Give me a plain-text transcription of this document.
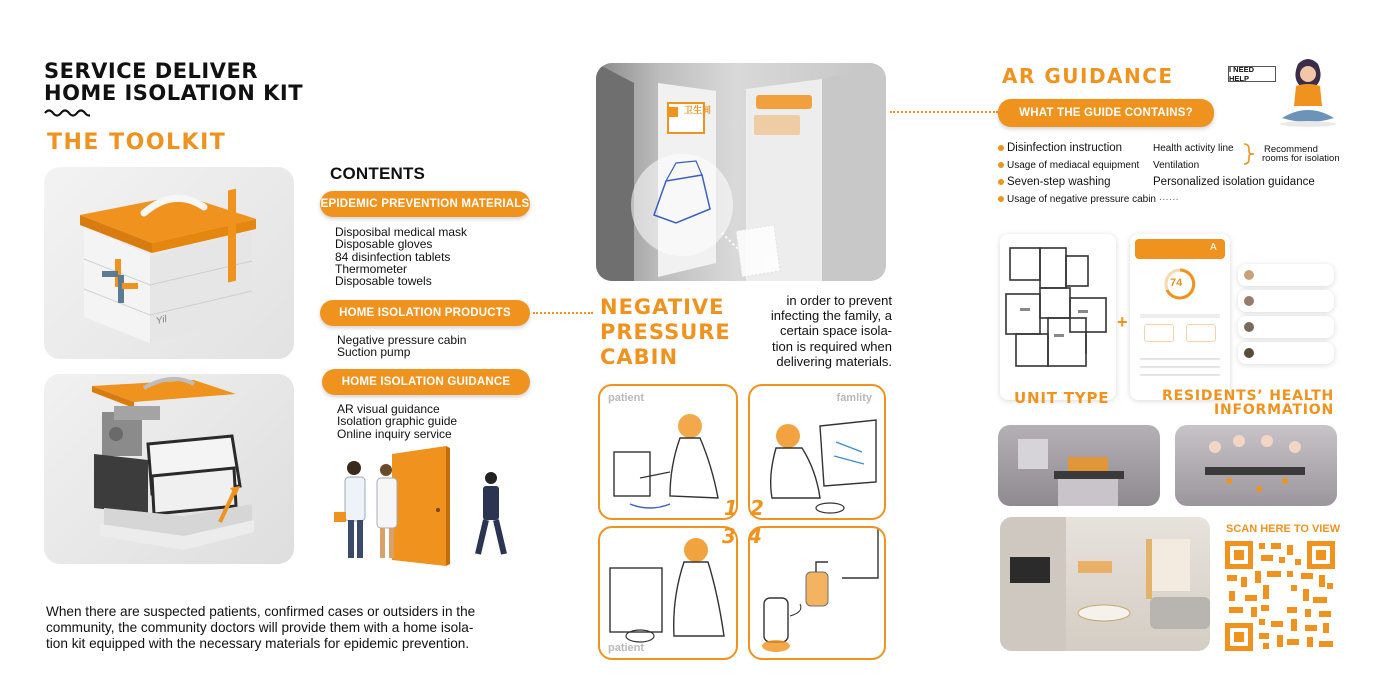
SERVICE DELIVER
HOME ISOLATION KIT
THE TOOLKIT
Yil
CONTENTS
EPIDEMIC PREVENTION MATERIALS
Disposibal medical mask
Disposable gloves
84 disinfection tablets
Thermometer
Disposable towels
HOME ISOLATION PRODUCTS
Negative pressure cabin
Suction pump
HOME ISOLATION GUIDANCE
AR visual guidance
Isolation graphic guide
Online inquiry service
When there are suspected patients, confirmed cases or outsiders in the
community, the community doctors will provide them with a home isola-
tion kit equipped with the necessary materials for epidemic prevention.
卫生间
NEGATIVE
PRESSURE
CABIN
in order to prevent
infecting the family, a
certain space isola-
tion is required when
delivering materials.
patient	famlity
patient
1 2
3 4
AR GUIDANCE	I NEED HELP
WHAT THE GUIDE CONTAINS?
Disinfection instruction
Usage of mediacal equipment
Seven-step washing
Usage of negative pressure cabin ······
Health activity line
Ventilation
Personalized isolation guidance
Recommend
rooms for isolation
+
A
74
UNIT TYPE	RESIDENTS’ HEALTH
INFORMATION
SCAN HERE TO VIEW
